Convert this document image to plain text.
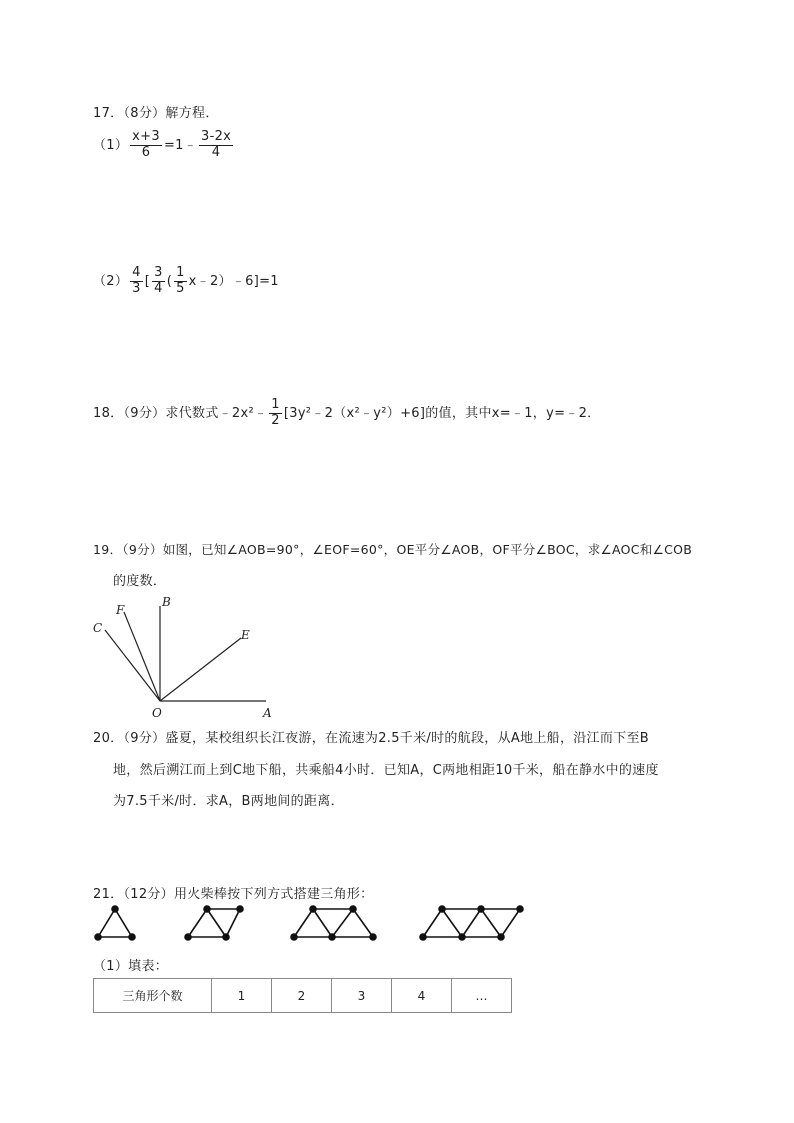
17．（8分）解方程．
$(1) \frac{x+3}{6}$ =1﹣ $\frac{3-2x}{4}$
$(2) \frac{4}{3}$ [ $\frac{3}{4}$ ( $\frac{1}{5}$ x﹣2）﹣6]=1
18．（9分）求代数式﹣2x²﹣ $\frac{1}{2}$ [3y²﹣2（x²﹣y²）+6]的值，其中x=﹣1，y=﹣2．
19．（9分）如图，已知∠AOB=90°，∠EOF=60°，OE平分∠AOB，OF平分∠BOC，求∠AOC和∠COB
的度数．
C
F
B
E
O	A
20．（9分）盛夏，某校组织长江夜游，在流速为2.5千米/时的航段，从A地上船，沿江而下至B
地，然后溯江而上到C地下船，共乘船4小时．已知A，C两地相距10千米，船在静水中的速度
为7.5千米/时．求A，B两地间的距离．
21．（12分）用火柴棒按下列方式搭建三角形：
（1）填表：
三角形个数	1	2	3	4	…
